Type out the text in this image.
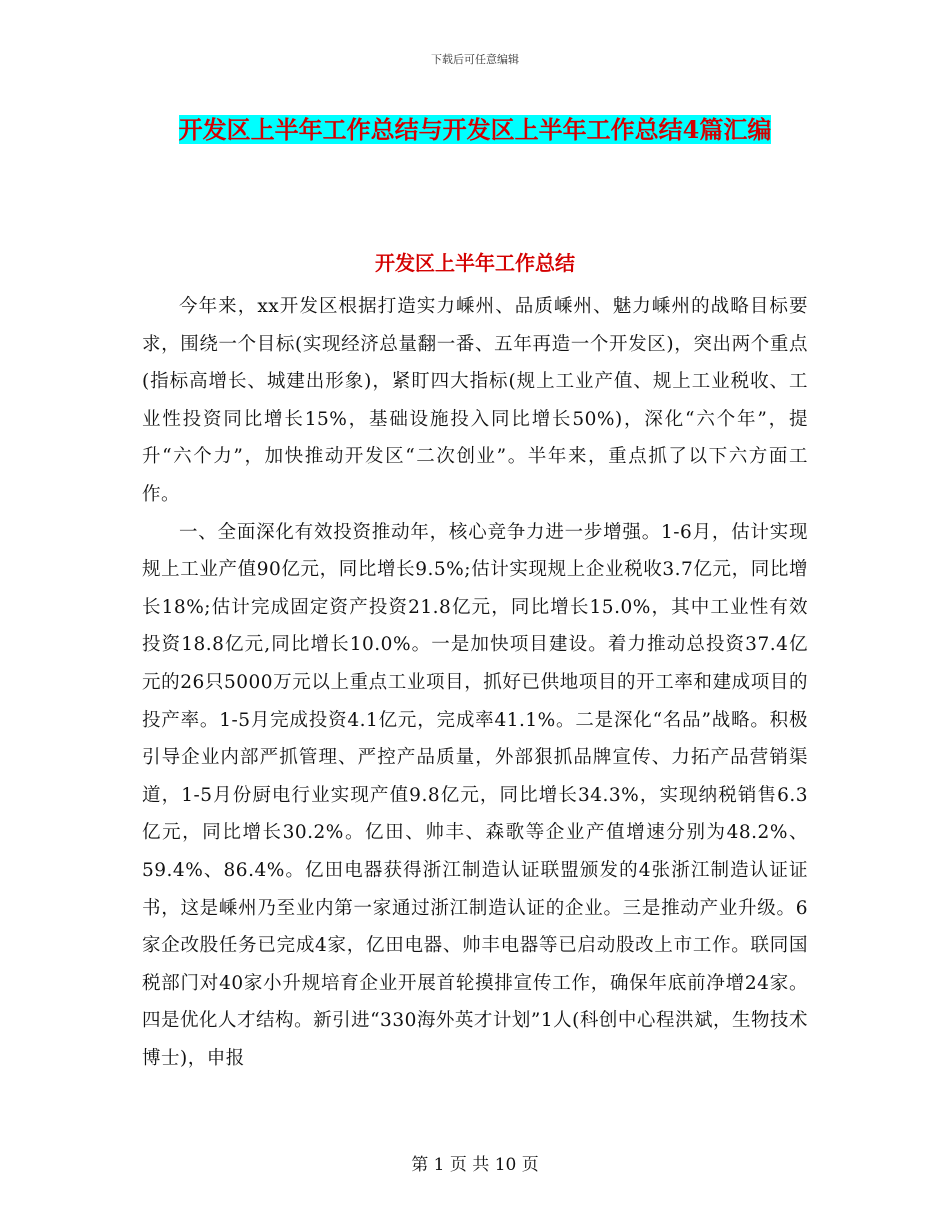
下载后可任意编辑
开发区上半年工作总结与开发区上半年工作总结4篇汇编
开发区上半年工作总结

今年来，xx开发区根据打造实力嵊州、品质嵊州、魅力嵊州的战略目标要求，围绕一个目标(实现经济总量翻一番、五年再造一个开发区)，突出两个重点(指标高增长、城建出形象)，紧盯四大指标(规上工业产值、规上工业税收、工业性投资同比增长15%，基础设施投入同比增长50%)，深化“六个年”，提升“六个力”，加快推动开发区“二次创业”。半年来，重点抓了以下六方面工作。

一、全面深化有效投资推动年，核心竞争力进一步增强。1-6月，估计实现规上工业产值90亿元，同比增长9.5%;估计实现规上企业税收3.7亿元，同比增长18%;估计完成固定资产投资21.8亿元，同比增长15.0%，其中工业性有效投资18.8亿元,同比增长10.0%。一是加快项目建设。着力推动总投资37.4亿元的26只5000万元以上重点工业项目，抓好已供地项目的开工率和建成项目的投产率。1-5月完成投资4.1亿元，完成率41.1%。二是深化“名品”战略。积极引导企业内部严抓管理、严控产品质量，外部狠抓品牌宣传、力拓产品营销渠道，1-5月份厨电行业实现产值9.8亿元，同比增长34.3%，实现纳税销售6.3亿元，同比增长30.2%。亿田、帅丰、森歌等企业产值增速分别为48.2%、59.4%、86.4%。亿田电器获得浙江制造认证联盟颁发的4张浙江制造认证证书，这是嵊州乃至业内第一家通过浙江制造认证的企业。三是推动产业升级。6家企改股任务已完成4家，亿田电器、帅丰电器等已启动股改上市工作。联同国税部门对40家小升规培育企业开展首轮摸排宣传工作，确保年底前净增24家。四是优化人才结构。新引进“330海外英才计划”1人(科创中心程洪斌，生物技术博士)，申报

第 1 页 共 10 页
